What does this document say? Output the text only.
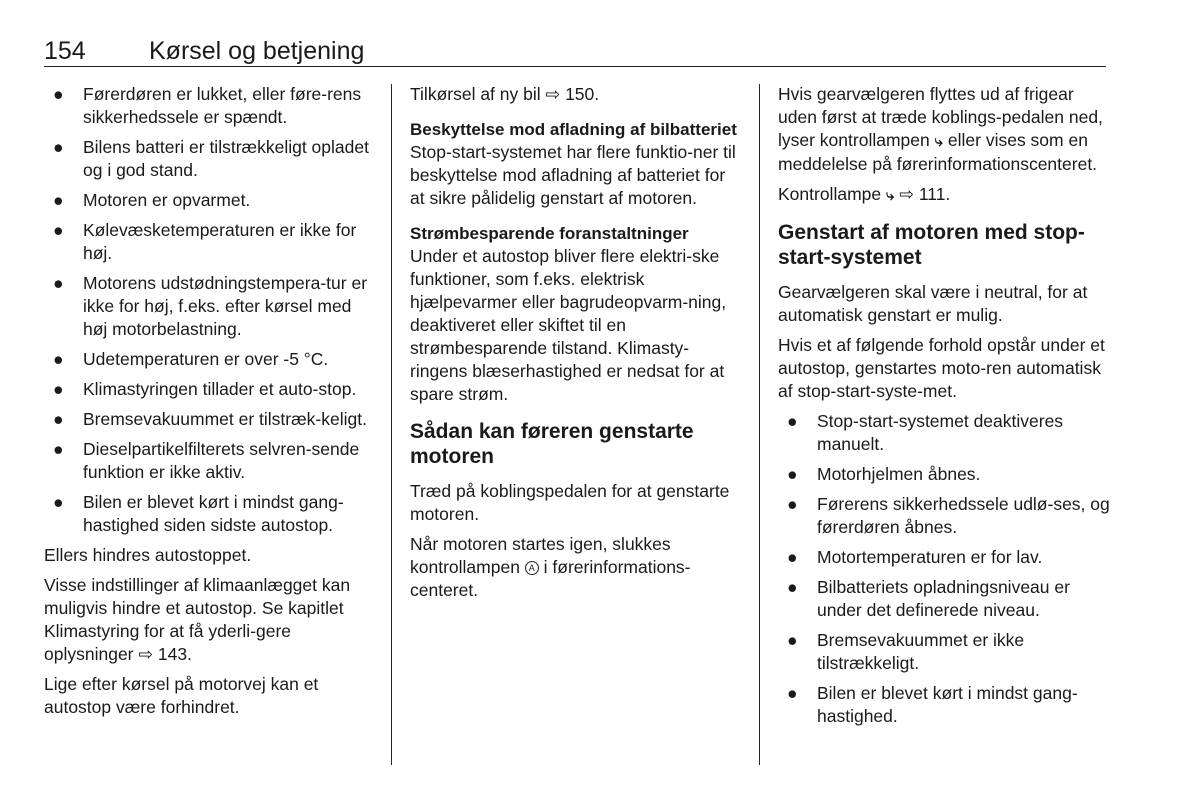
154	Kørsel og betjening
● Førerdøren er lukket, eller føre-rens sikkerhedssele er spændt.
● Bilens batteri er tilstrækkeligt opladet og i god stand.
● Motoren er opvarmet.
● Kølevæsketemperaturen er ikke for høj.
● Motorens udstødningstempera-tur er ikke for høj, f.eks. efter kørsel med høj motorbelastning.
● Udetemperaturen er over -5 °C.
● Klimastyringen tillader et auto-stop.
● Bremsevakuummet er tilstræk-keligt.
● Dieselpartikelfilterets selvren-sende funktion er ikke aktiv.
● Bilen er blevet kørt i mindst gang-hastighed siden sidste autostop.

Ellers hindres autostoppet.

Visse indstillinger af klimaanlægget kan muligvis hindre et autostop. Se kapitlet Klimastyring for at få yderli-gere oplysninger ⇨ 143.

Lige efter kørsel på motorvej kan et autostop være forhindret.

Tilkørsel af ny bil ⇨ 150.

Beskyttelse mod afladning af bilbatteriet

Stop-start-systemet har flere funktio-ner til beskyttelse mod afladning af batteriet for at sikre pålidelig genstart af motoren.

Strømbesparende foranstaltninger

Under et autostop bliver flere elektri-ske funktioner, som f.eks. elektrisk hjælpevarmer eller bagrudeopvarm-ning, deaktiveret eller skiftet til en strømbesparende tilstand. Klimasty-ringens blæserhastighed er nedsat for at spare strøm.

Sådan kan føreren genstarte motoren

Træd på koblingspedalen for at genstarte motoren.

Når motoren startes igen, slukkes kontrollampen A i førerinformations-centeret.

Hvis gearvælgeren flyttes ud af frigear uden først at træde koblings-pedalen ned, lyser kontrollampen ⤷ eller vises som en meddelelse på førerinformationscenteret.

Kontrollampe ⤷ ⇨ 111.

Genstart af motoren med stop-start-systemet

Gearvælgeren skal være i neutral, for at automatisk genstart er mulig.

Hvis et af følgende forhold opstår under et autostop, genstartes moto-ren automatisk af stop-start-syste-met.

● Stop-start-systemet deaktiveres manuelt.
● Motorhjelmen åbnes.
● Førerens sikkerhedssele udlø-ses, og førerdøren åbnes.
● Motortemperaturen er for lav.
● Bilbatteriets opladningsniveau er under det definerede niveau.
● Bremsevakuummet er ikke tilstrækkeligt.
● Bilen er blevet kørt i mindst gang-hastighed.
